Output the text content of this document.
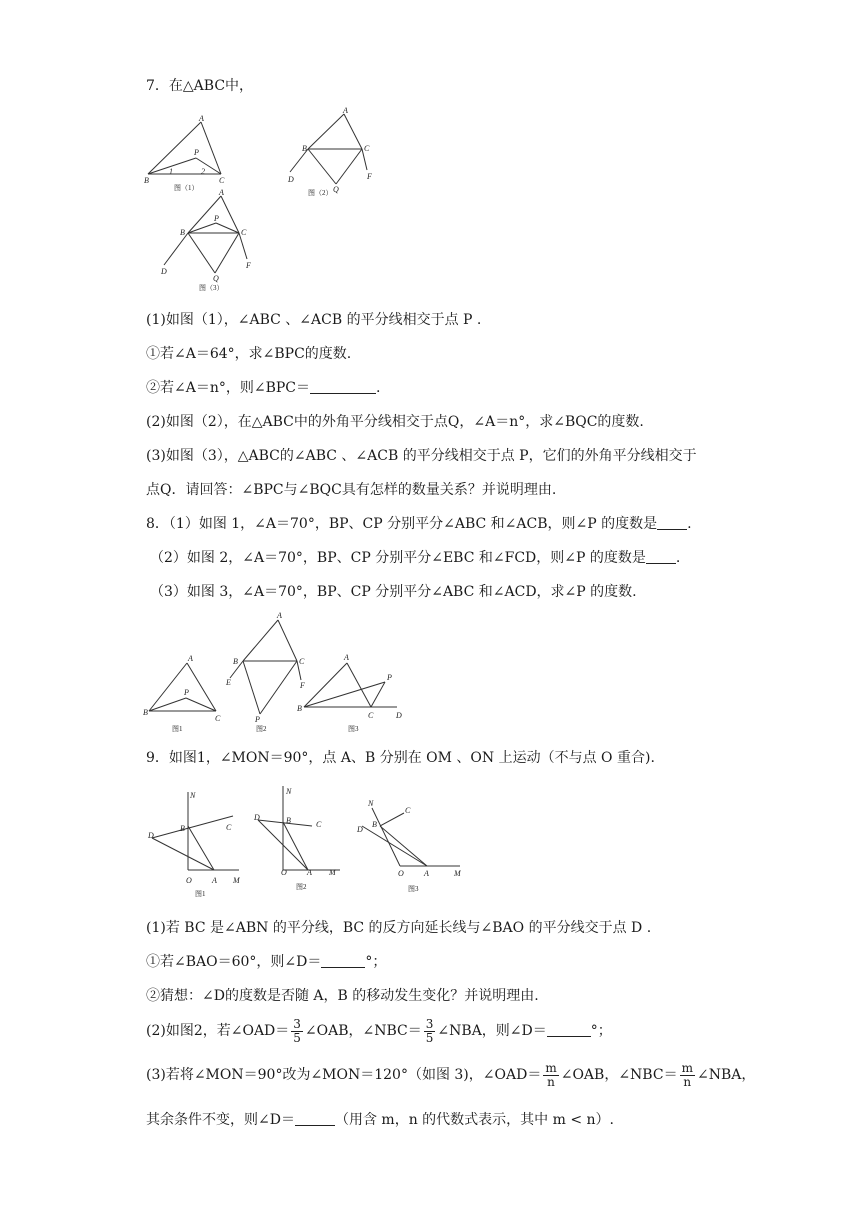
7．在△ABC中，
A
B	C
P
1	2
图（1）
A
B	C
D	F
Q
图（2）
A
B	C
P
D
F
Q
图（3）
(1)如图（1），∠ABC 、∠ACB 的平分线相交于点 P .
①若∠A＝64°，求∠BPC的度数.
②若∠A＝n°，则∠BPC＝	.
(2)如图（2），在△ABC中的外角平分线相交于点Q，∠A＝n°，求∠BQC的度数.
(3)如图（3），△ABC的∠ABC 、∠ACB 的平分线相交于点 P，它们的外角平分线相交于
点Q．请回答：∠BPC与∠BQC具有怎样的数量关系？并说明理由.
8．（1）如图 1，∠A＝70°，BP、CP 分别平分∠ABC 和∠ACB，则∠P 的度数是 .
（2）如图 2，∠A＝70°，BP、CP 分别平分∠EBC 和∠FCD，则∠P 的度数是 .
（3）如图 3，∠A＝70°，BP、CP 分别平分∠ABC 和∠ACD，求∠P 的度数.
A
B
C
P
图1
A
B	C
E	F
P
图2
A
B
C	D
P
图3
9．如图1，∠MON＝90°，点 A、B 分别在 OM 、ON 上运动（不与点 O 重合).
N
B	C
D
O	A M
图1
N
B	C
D
O	A M
图2
N
B
C
D
O	A	M
图3
(1)若 BC 是∠ABN 的平分线，BC 的反方向延长线与∠BAO 的平分线交于点 D .
①若∠BAO＝60°，则∠D＝	°；
②猜想：∠D的度数是否随 A，B 的移动发生变化？并说明理由.
(2)如图2，若∠OAD＝ $\frac{3}{5}$ ∠OAB，∠NBC＝ $\frac{3}{5}$ ∠NBA，则∠D＝	°；
(3)若将∠MON＝90°改为∠MON＝120°（如图 3)，∠OAD＝ $\frac{m}{n}$ ∠OAB，∠NBC＝ $\frac{m}{n}$ ∠NBA，
其余条件不变，则∠D＝	（用含 m，n 的代数式表示，其中 m < n）.
